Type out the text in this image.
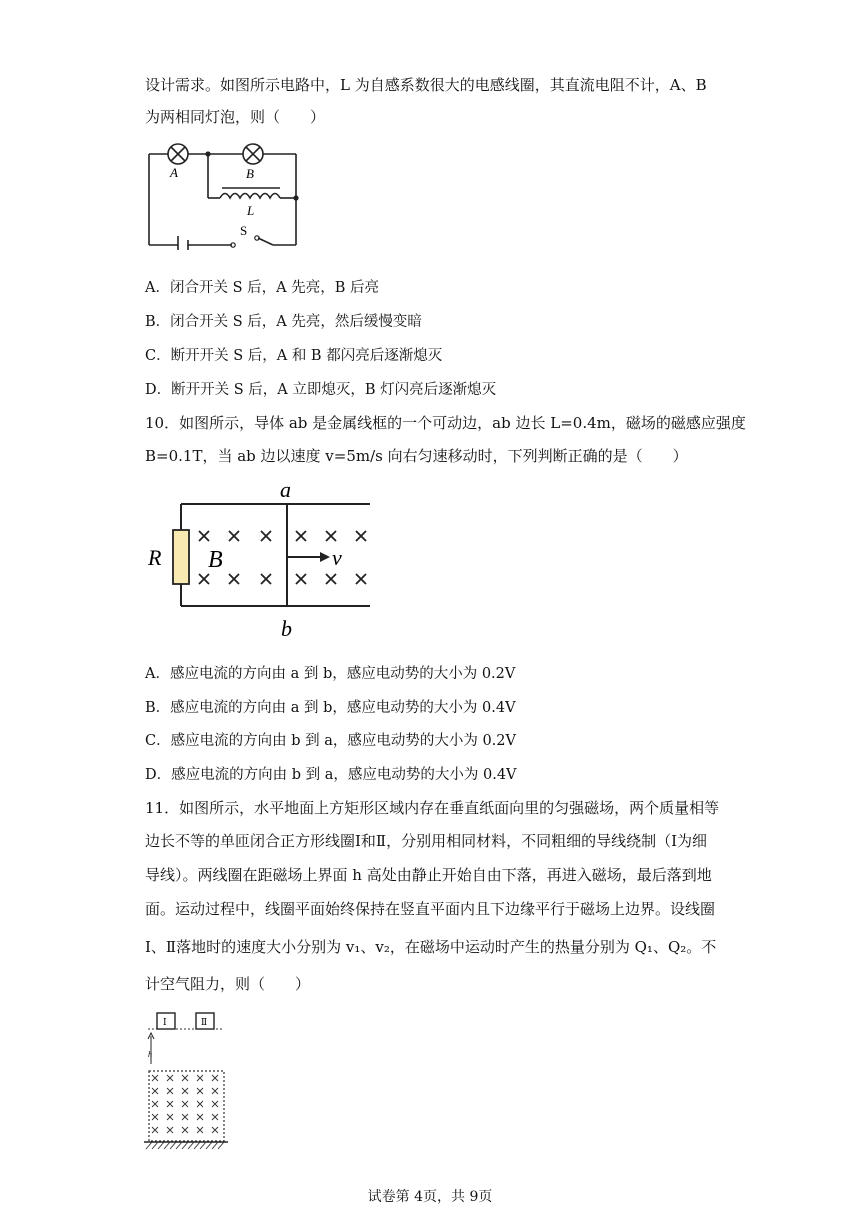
设计需求。如图所示电路中，L 为自感系数很大的电感线圈，其直流电阻不计，A、B
为两相同灯泡，则（　　）
A	B
L
S
A．闭合开关 S 后，A 先亮，B 后亮
B．闭合开关 S 后，A 先亮，然后缓慢变暗
C．断开开关 S 后，A 和 B 都闪亮后逐渐熄灭
D．断开开关 S 后，A 立即熄灭，B 灯闪亮后逐渐熄灭
10．如图所示，导体 ab 是金属线框的一个可动边，ab 边长 L=0.4m，磁场的磁感应强度
B=0.1T，当 ab 边以速度 v=5m/s 向右匀速移动时，下列判断正确的是（　　）
a
b
R B	v
A．感应电流的方向由 a 到 b，感应电动势的大小为 0.2V
B．感应电流的方向由 a 到 b，感应电动势的大小为 0.4V
C．感应电流的方向由 b 到 a，感应电动势的大小为 0.2V
D．感应电流的方向由 b 到 a，感应电动势的大小为 0.4V
11．如图所示，水平地面上方矩形区域内存在垂直纸面向里的匀强磁场，两个质量相等
边长不等的单匝闭合正方形线圈Ⅰ和Ⅱ，分别用相同材料，不同粗细的导线绕制（Ⅰ为细
导线）。两线圈在距磁场上界面 h 高处由静止开始自由下落，再进入磁场，最后落到地
面。运动过程中，线圈平面始终保持在竖直平面内且下边缘平行于磁场上边界。设线圈
Ⅰ、Ⅱ落地时的速度大小分别为 v₁、v₂，在磁场中运动时产生的热量分别为 Q₁、Q₂。不
计空气阻力，则（　　）
Ⅰ	Ⅱ
h
试卷第 4页，共 9页
